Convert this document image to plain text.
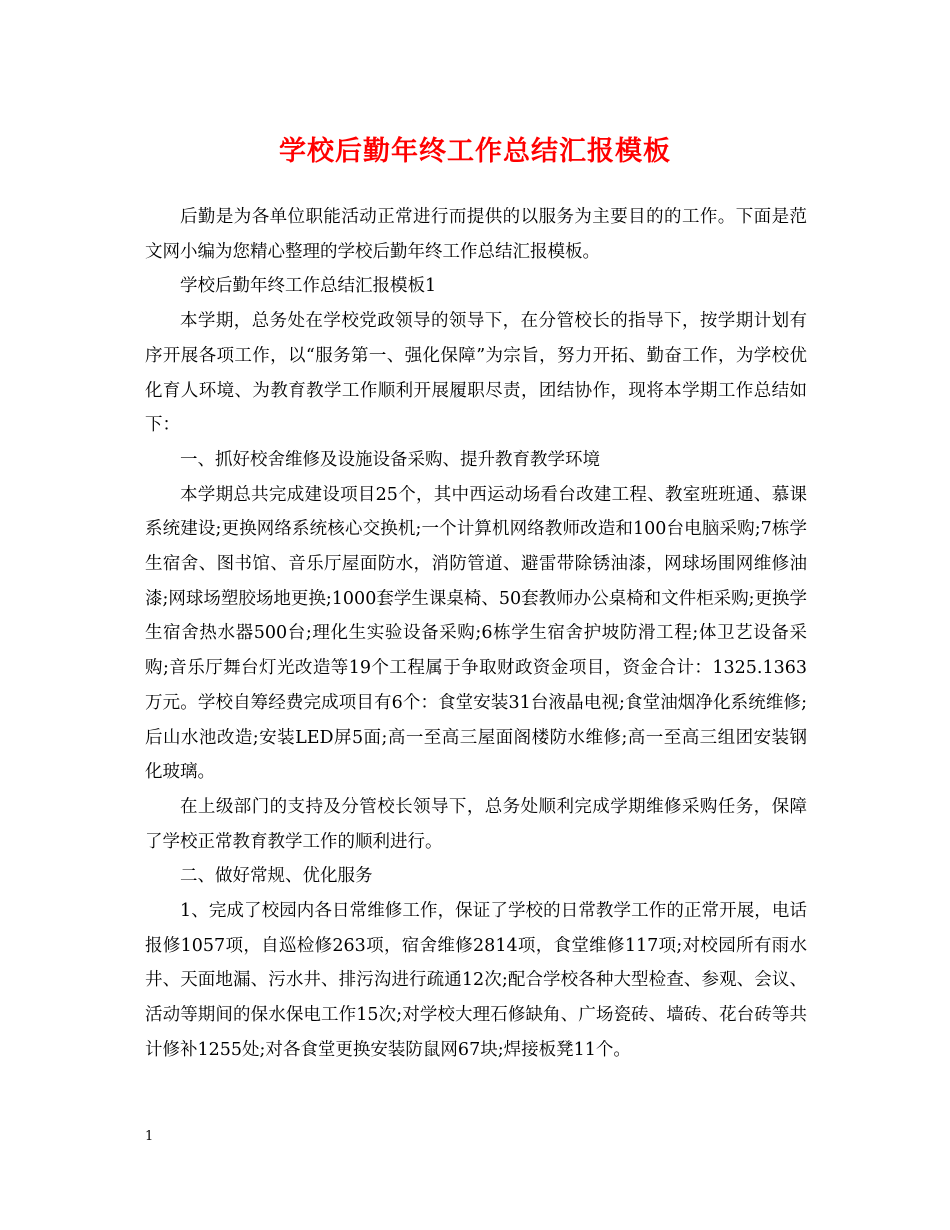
学校后勤年终工作总结汇报模板

后勤是为各单位职能活动正常进行而提供的以服务为主要目的的工作。下面是范文网小编为您精心整理的学校后勤年终工作总结汇报模板。

学校后勤年终工作总结汇报模板1

本学期，总务处在学校党政领导的领导下，在分管校长的指导下，按学期计划有序开展各项工作，以“服务第一、强化保障”为宗旨，努力开拓、勤奋工作，为学校优化育人环境、为教育教学工作顺利开展履职尽责，团结协作，现将本学期工作总结如下：

一、抓好校舍维修及设施设备采购、提升教育教学环境

本学期总共完成建设项目25个，其中西运动场看台改建工程、教室班班通、慕课系统建设;更换网络系统核心交换机;一个计算机网络教师改造和100台电脑采购;7栋学生宿舍、图书馆、音乐厅屋面防水，消防管道、避雷带除锈油漆，网球场围网维修油漆;网球场塑胶场地更换;1000套学生课桌椅、50套教师办公桌椅和文件柜采购;更换学生宿舍热水器500台;理化生实验设备采购;6栋学生宿舍护坡防滑工程;体卫艺设备采购;音乐厅舞台灯光改造等19个工程属于争取财政资金项目，资金合计：1325.1363万元。学校自筹经费完成项目有6个：食堂安装31台液晶电视;食堂油烟净化系统维修;后山水池改造;安装LED屏5面;高一至高三屋面阁楼防水维修;高一至高三组团安装钢化玻璃。

在上级部门的支持及分管校长领导下，总务处顺利完成学期维修采购任务，保障了学校正常教育教学工作的顺利进行。

二、做好常规、优化服务

1、完成了校园内各日常维修工作，保证了学校的日常教学工作的正常开展，电话报修1057项，自巡检修263项，宿舍维修2814项，食堂维修117项;对校园所有雨水井、天面地漏、污水井、排污沟进行疏通12次;配合学校各种大型检查、参观、会议、活动等期间的保水保电工作15次;对学校大理石修缺角、广场瓷砖、墙砖、花台砖等共计修补1255处;对各食堂更换安装防鼠网67块;焊接板凳11个。

1
